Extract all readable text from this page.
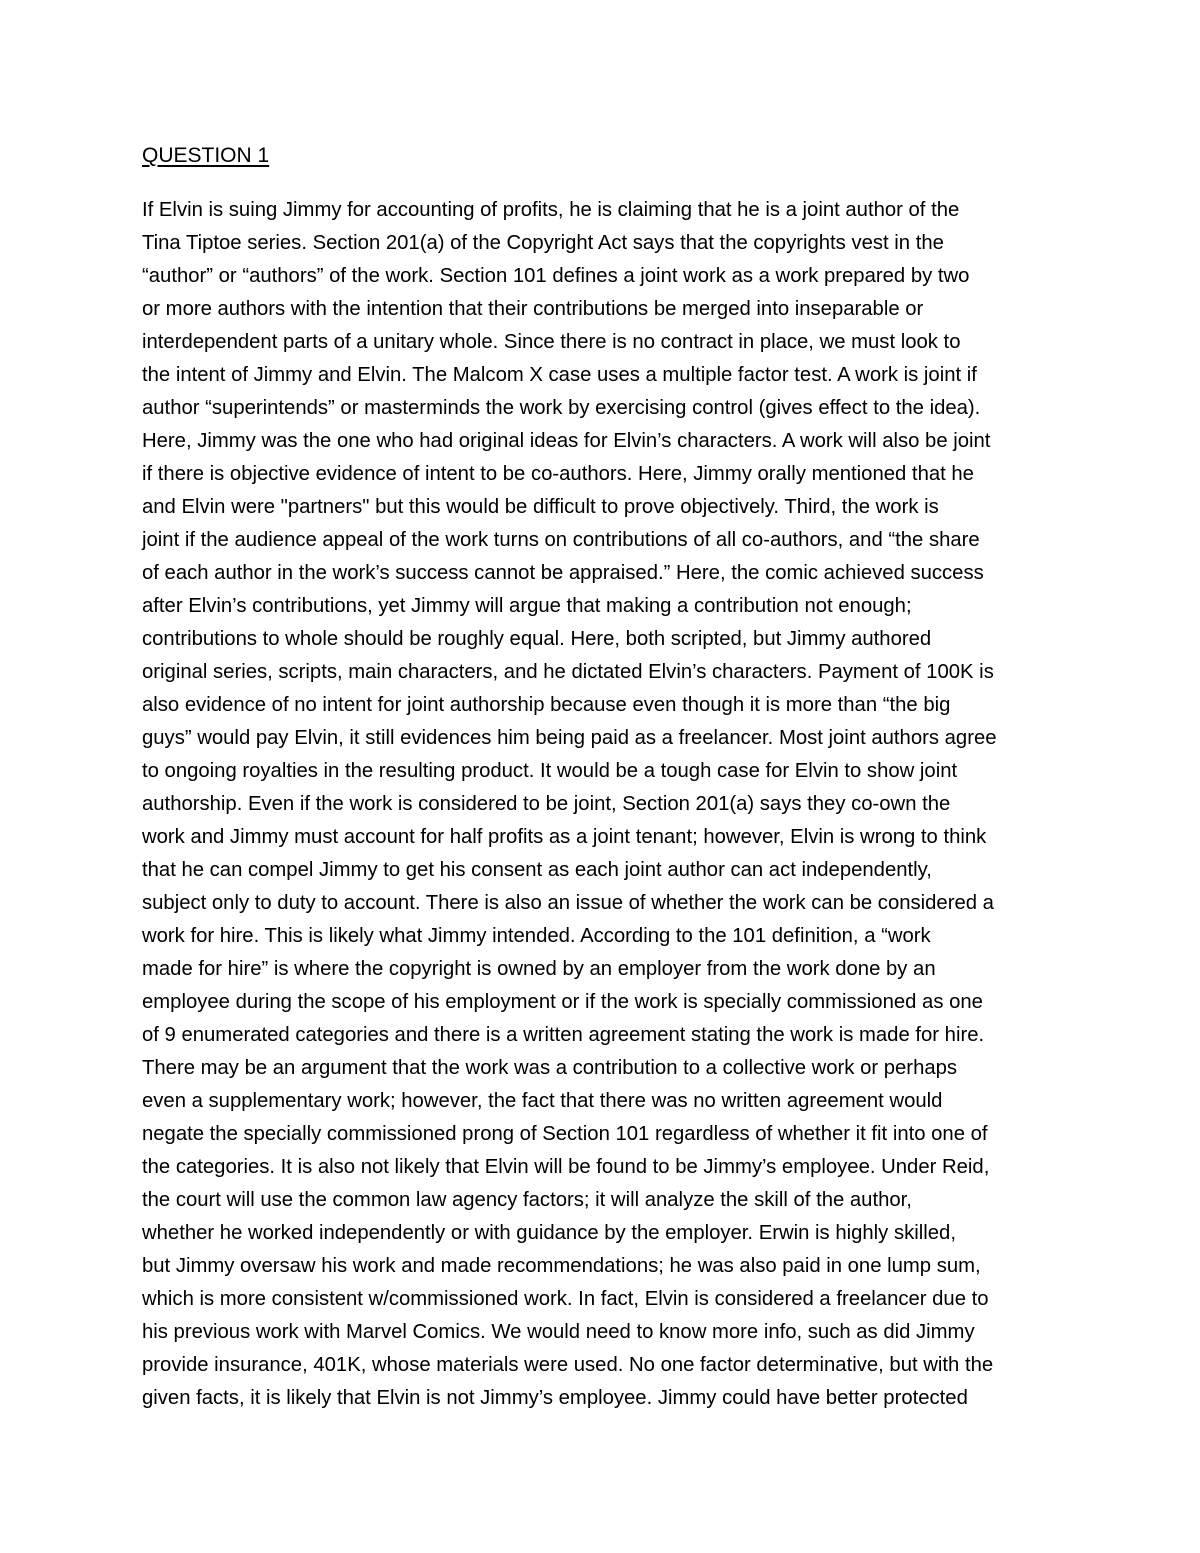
QUESTION 1
If Elvin is suing Jimmy for accounting of profits, he is claiming that he is a joint author of the
Tina Tiptoe series. Section 201(a) of the Copyright Act says that the copyrights vest in the
“author” or “authors” of the work. Section 101 defines a joint work as a work prepared by two
or more authors with the intention that their contributions be merged into inseparable or
interdependent parts of a unitary whole. Since there is no contract in place, we must look to
the intent of Jimmy and Elvin. The Malcom X case uses a multiple factor test. A work is joint if
author “superintends” or masterminds the work by exercising control (gives effect to the idea).
Here, Jimmy was the one who had original ideas for Elvin’s characters. A work will also be joint
if there is objective evidence of intent to be co-authors. Here, Jimmy orally mentioned that he
and Elvin were "partners" but this would be difficult to prove objectively. Third, the work is
joint if the audience appeal of the work turns on contributions of all co-authors, and “the share
of each author in the work’s success cannot be appraised.” Here, the comic achieved success
after Elvin’s contributions, yet Jimmy will argue that making a contribution not enough;
contributions to whole should be roughly equal. Here, both scripted, but Jimmy authored
original series, scripts, main characters, and he dictated Elvin’s characters. Payment of 100K is
also evidence of no intent for joint authorship because even though it is more than “the big
guys” would pay Elvin, it still evidences him being paid as a freelancer. Most joint authors agree
to ongoing royalties in the resulting product. It would be a tough case for Elvin to show joint
authorship. Even if the work is considered to be joint, Section 201(a) says they co-own the
work and Jimmy must account for half profits as a joint tenant; however, Elvin is wrong to think
that he can compel Jimmy to get his consent as each joint author can act independently,
subject only to duty to account. There is also an issue of whether the work can be considered a
work for hire. This is likely what Jimmy intended. According to the 101 definition, a “work
made for hire” is where the copyright is owned by an employer from the work done by an
employee during the scope of his employment or if the work is specially commissioned as one
of 9 enumerated categories and there is a written agreement stating the work is made for hire.
There may be an argument that the work was a contribution to a collective work or perhaps
even a supplementary work; however, the fact that there was no written agreement would
negate the specially commissioned prong of Section 101 regardless of whether it fit into one of
the categories. It is also not likely that Elvin will be found to be Jimmy’s employee. Under Reid,
the court will use the common law agency factors; it will analyze the skill of the author,
whether he worked independently or with guidance by the employer. Erwin is highly skilled,
but Jimmy oversaw his work and made recommendations; he was also paid in one lump sum,
which is more consistent w/commissioned work. In fact, Elvin is considered a freelancer due to
his previous work with Marvel Comics. We would need to know more info, such as did Jimmy
provide insurance, 401K, whose materials were used. No one factor determinative, but with the
given facts, it is likely that Elvin is not Jimmy’s employee. Jimmy could have better protected
